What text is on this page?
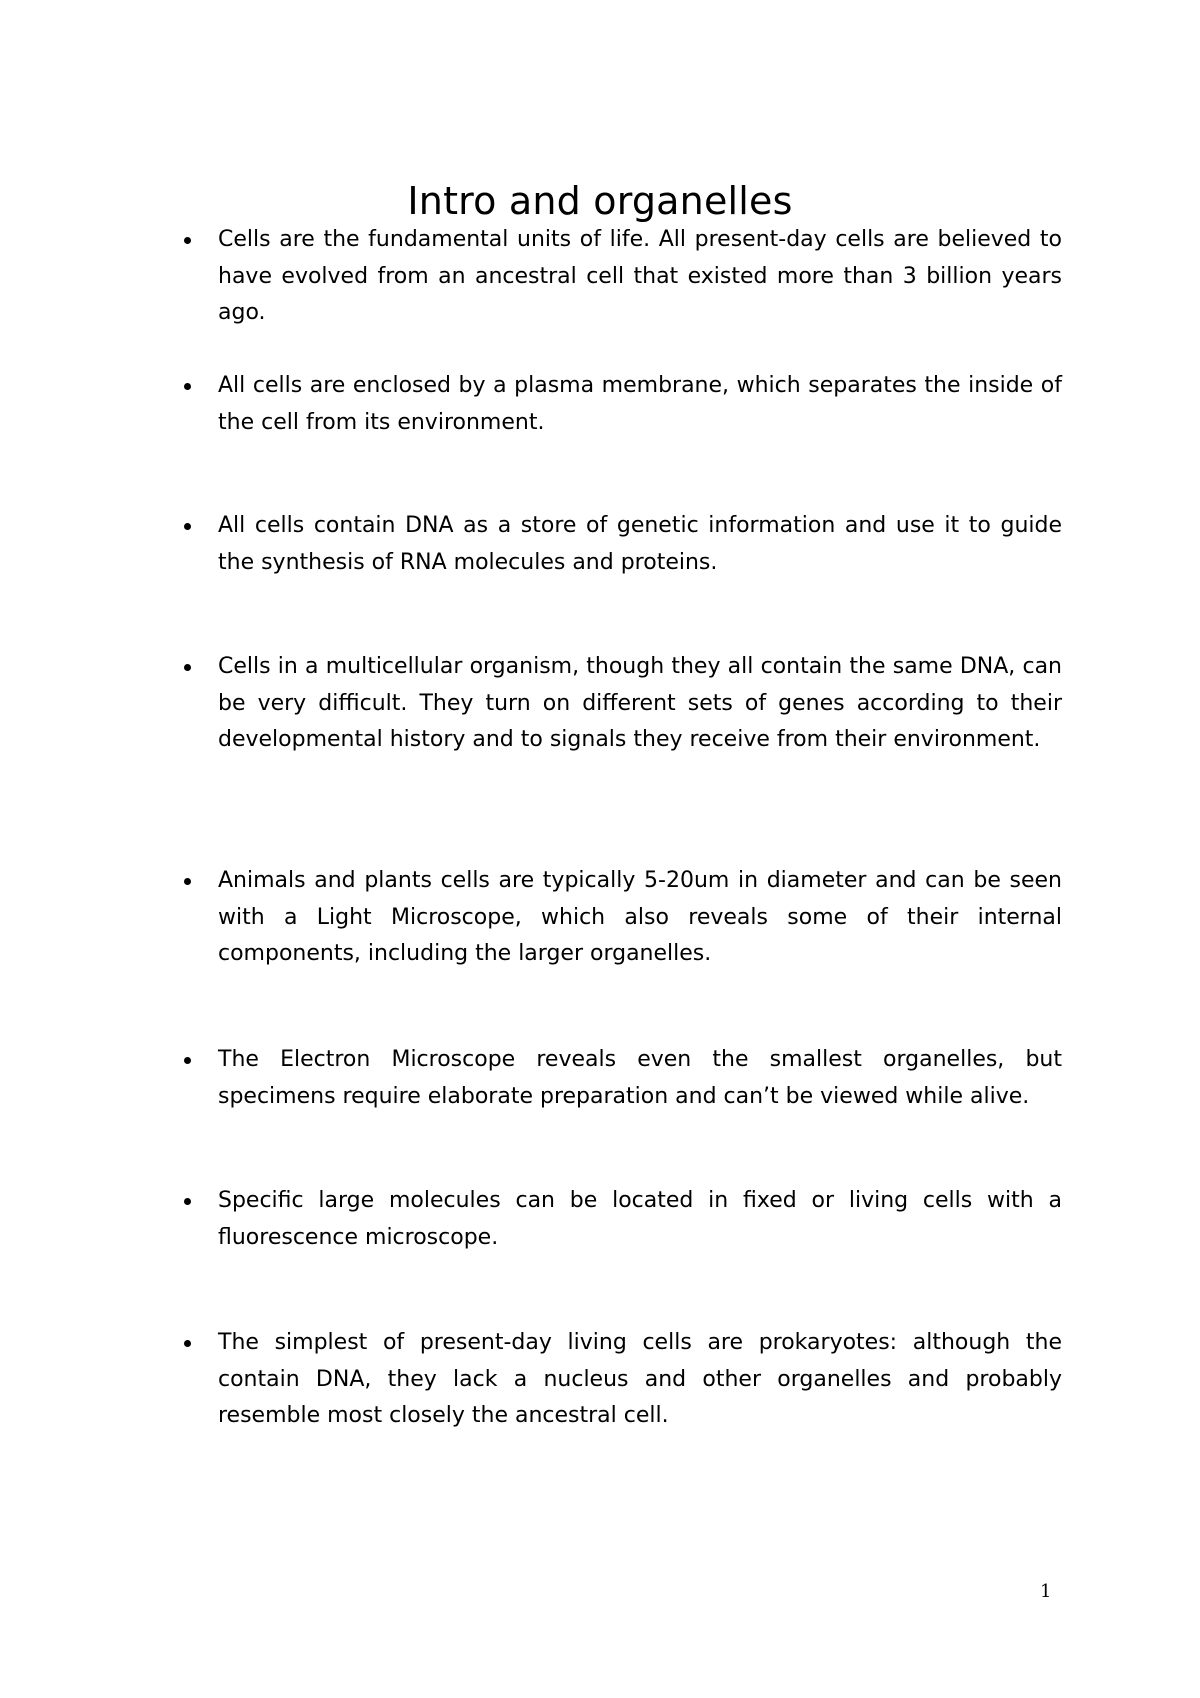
Intro and organelles
Cells are the fundamental units of life. All present-day cells are believed to have evolved from an ancestral cell that existed more than 3 billion years ago.
All cells are enclosed by a plasma membrane, which separates the inside of the cell from its environment.
All cells contain DNA as a store of genetic information and use it to guide the synthesis of RNA molecules and proteins.
Cells in a multicellular organism, though they all contain the same DNA, can be very difficult. They turn on different sets of genes according to their developmental history and to signals they receive from their environment.
Animals and plants cells are typically 5-20um in diameter and can be seen with a Light Microscope, which also reveals some of their internal components, including the larger organelles.
The Electron Microscope reveals even the smallest organelles, but specimens require elaborate preparation and can’t be viewed while alive.
Specific large molecules can be located in fixed or living cells with a fluorescence microscope.
The simplest of present-day living cells are prokaryotes: although the contain DNA, they lack a nucleus and other organelles and probably resemble most closely the ancestral cell.
1
